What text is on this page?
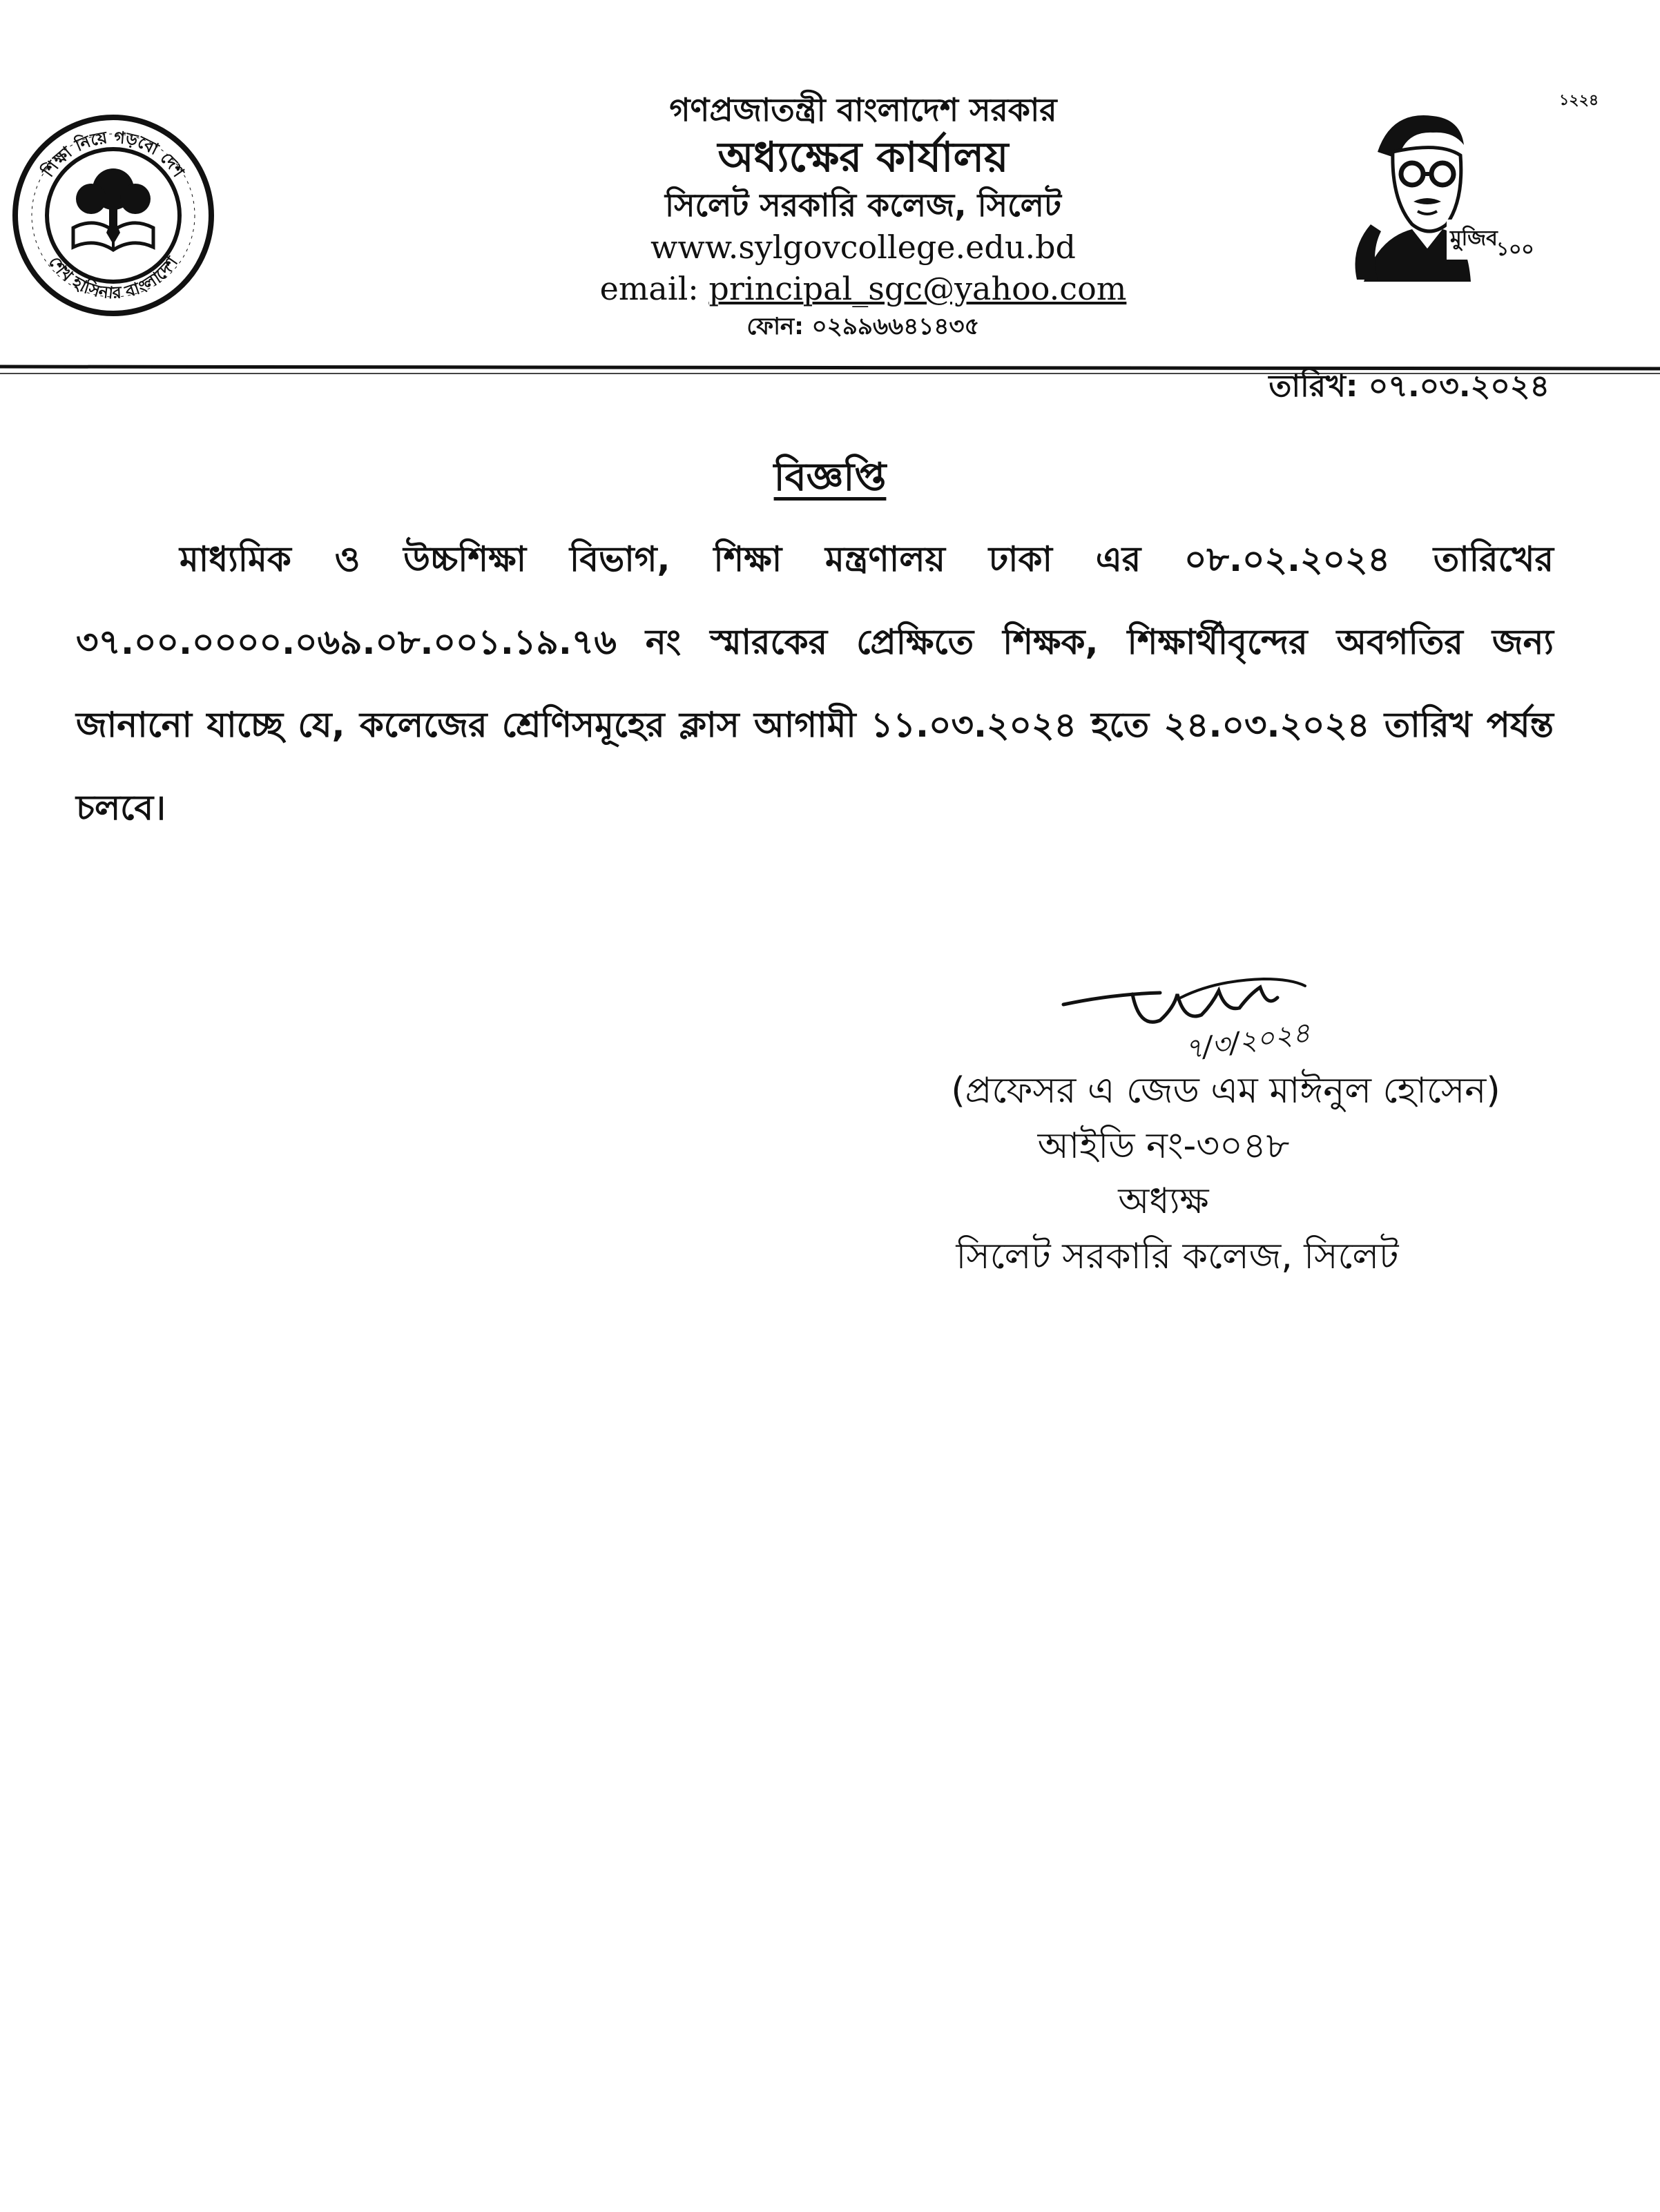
১২২৪
শিক্ষা নিয়ে গড়বো দেশ
শেখ হাসিনার বাংলাদেশ
গণপ্রজাতন্ত্রী বাংলাদেশ সরকার
অধ্যক্ষের কার্যালয়
সিলেট সরকারি কলেজ, সিলেট
www.sylgovcollege.edu.bd
email: principal_sgc@yahoo.com
ফোন: ০২৯৯৬৬৪১৪৩৫
মুজিব
১০০
তারিখ: ০৭.০৩.২০২৪
বিজ্ঞপ্তি
মাধ্যমিক ও উচ্চশিক্ষা বিভাগ, শিক্ষা মন্ত্রণালয় ঢাকা এর ০৮.০২.২০২৪ তারিখের ৩৭.০০.০০০০.০৬৯.০৮.০০১.১৯.৭৬ নং স্মারকের প্রেক্ষিতে শিক্ষক, শিক্ষার্থীবৃন্দের অবগতির জন্য জানানো যাচ্ছে যে, কলেজের শ্রেণিসমূহের ক্লাস আগামী ১১.০৩.২০২৪ হতে ২৪.০৩.২০২৪ তারিখ পর্যন্ত চলবে।
৭/৩/২০২৪
(প্রফেসর এ জেড এম মাঈনুল হোসেন)
আইডি নং-৩০৪৮
অধ্যক্ষ
সিলেট সরকারি কলেজ, সিলেট
